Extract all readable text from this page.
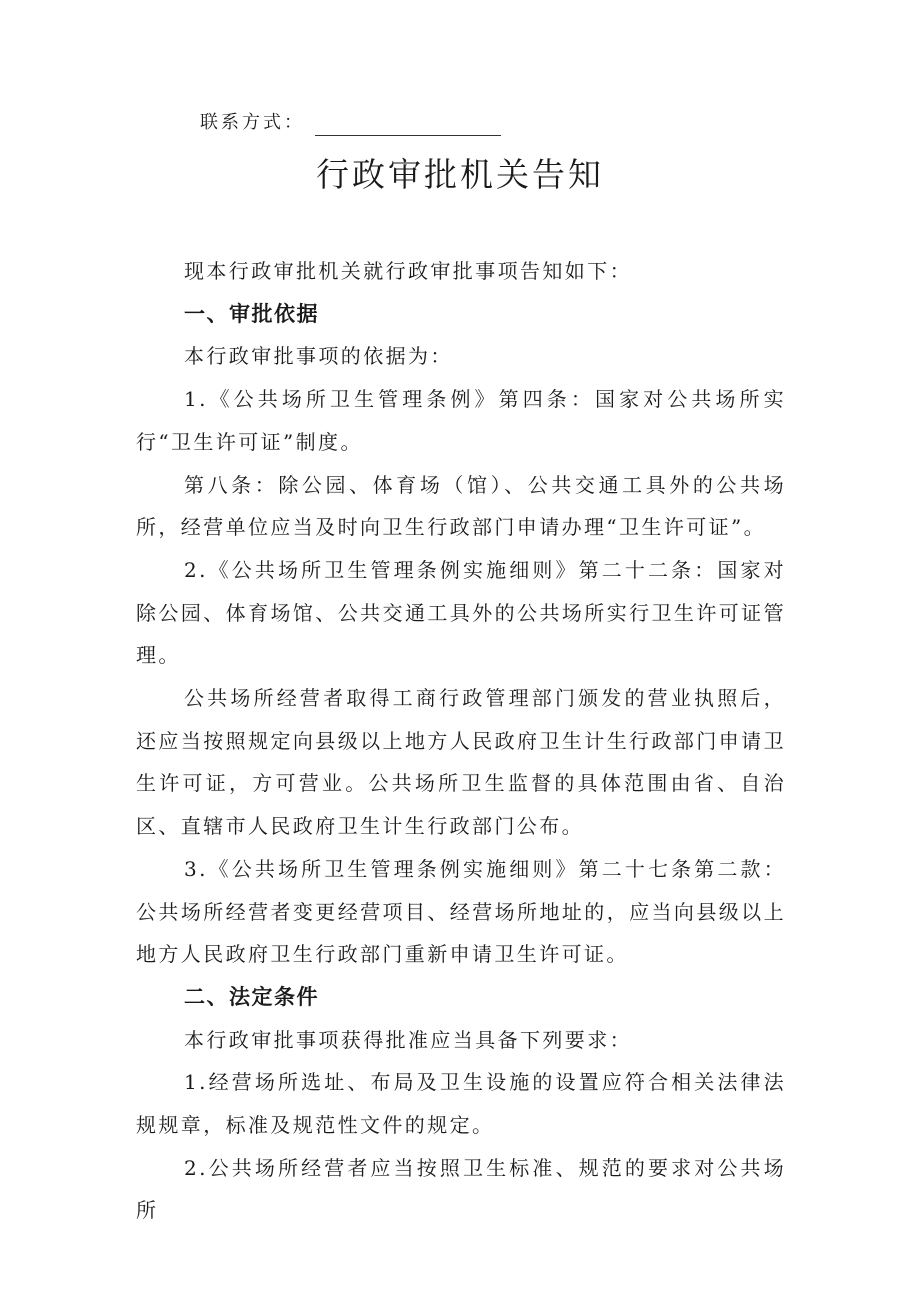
联系方式：
行政审批机关告知

现本行政审批机关就行政审批事项告知如下：

一、审批依据

本行政审批事项的依据为：

1.《公共场所卫生管理条例》第四条：国家对公共场所实行“卫生许可证”制度。

第八条：除公园、体育场（馆）、公共交通工具外的公共场所，经营单位应当及时向卫生行政部门申请办理“卫生许可证”。

2.《公共场所卫生管理条例实施细则》第二十二条：国家对除公园、体育场馆、公共交通工具外的公共场所实行卫生许可证管理。

公共场所经营者取得工商行政管理部门颁发的营业执照后，还应当按照规定向县级以上地方人民政府卫生计生行政部门申请卫生许可证，方可营业。公共场所卫生监督的具体范围由省、自治区、直辖市人民政府卫生计生行政部门公布。

3.《公共场所卫生管理条例实施细则》第二十七条第二款：公共场所经营者变更经营项目、经营场所地址的，应当向县级以上地方人民政府卫生行政部门重新申请卫生许可证。

二、法定条件

本行政审批事项获得批准应当具备下列要求：

1.经营场所选址、布局及卫生设施的设置应符合相关法律法规规章，标准及规范性文件的规定。

2.公共场所经营者应当按照卫生标准、规范的要求对公共场所
